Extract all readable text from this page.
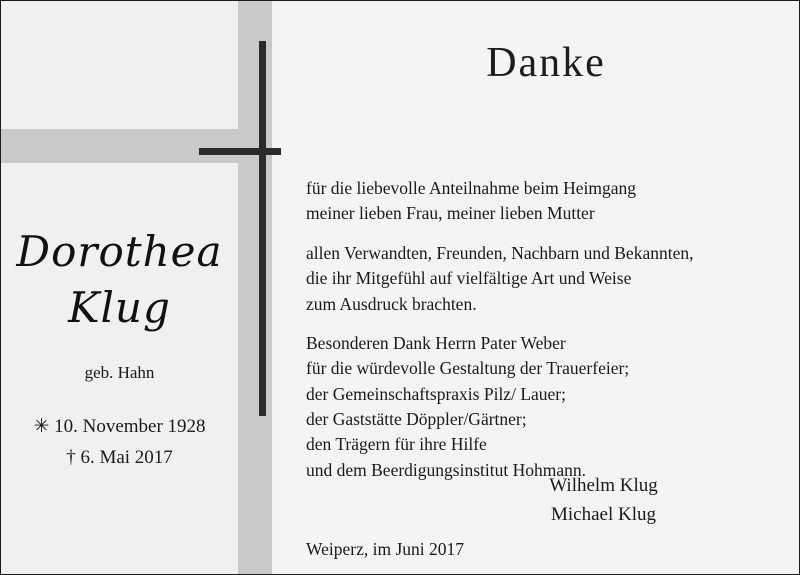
Danke
Dorothea
Klug
geb. Hahn
✳ 10. November 1928
† 6. Mai 2017
für die liebevolle Anteilnahme beim Heimgang
meiner lieben Frau, meiner lieben Mutter
allen Verwandten, Freunden, Nachbarn und Bekannten,
die ihr Mitgefühl auf vielfältige Art und Weise
zum Ausdruck brachten.
Besonderen Dank Herrn Pater Weber
für die würdevolle Gestaltung der Trauerfeier;
der Gemeinschaftspraxis Pilz/ Lauer;
der Gaststätte Döppler/Gärtner;
den Trägern für ihre Hilfe
und dem Beerdigungsinstitut Hohmann.
Wilhelm Klug
Michael Klug
Weiperz, im Juni 2017
